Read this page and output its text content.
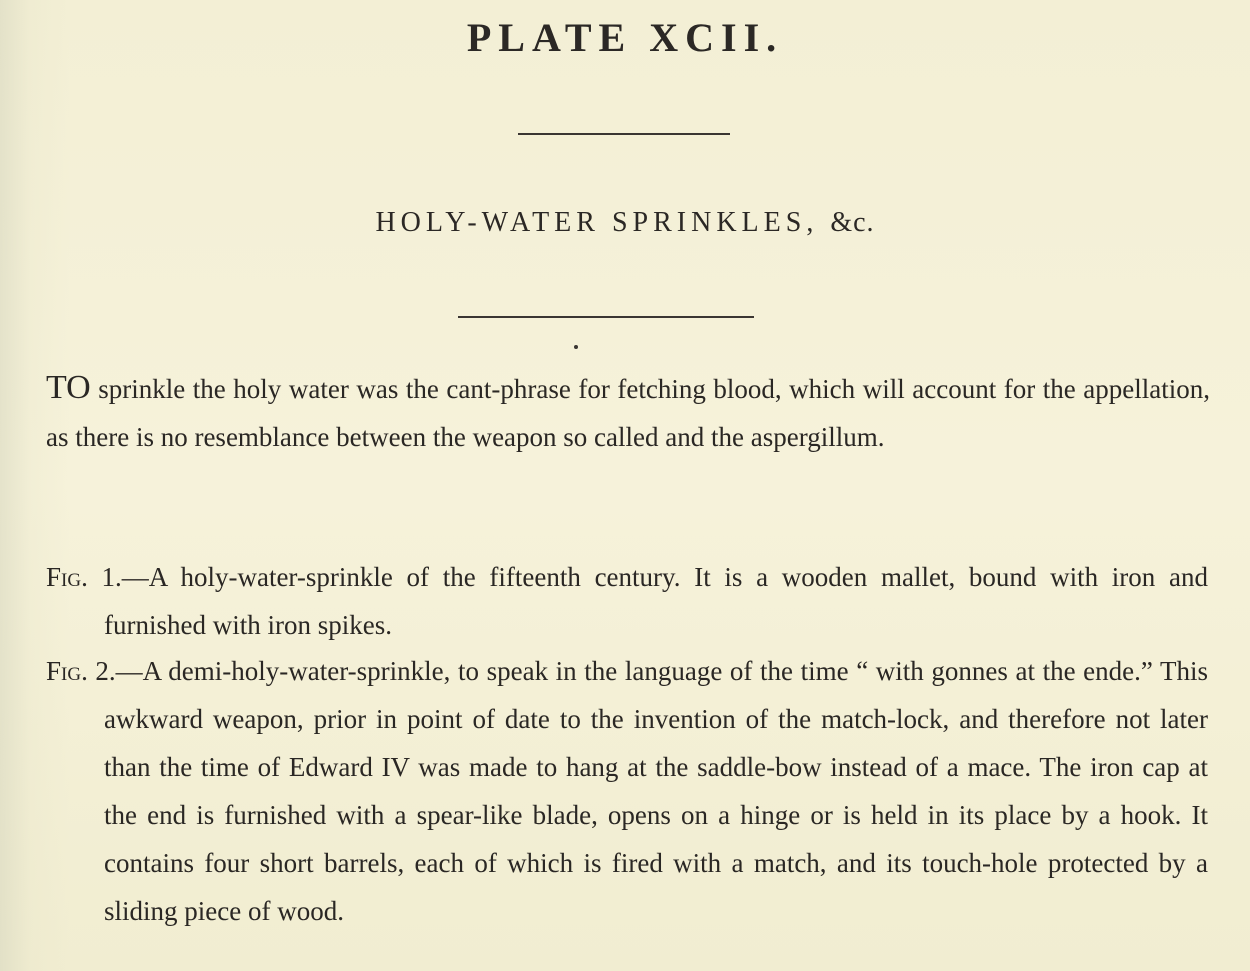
PLATE XCII.
HOLY-WATER SPRINKLES, &c.
TO sprinkle the holy water was the cant-phrase for fetching blood, which will account for the appellation, as there is no resemblance between the weapon so called and the aspergillum.
Fig. 1.—A holy-water-sprinkle of the fifteenth century. It is a wooden mallet, bound with iron and furnished with iron spikes.
Fig. 2.—A demi-holy-water-sprinkle, to speak in the language of the time “ with gonnes at the ende.” This awkward weapon, prior in point of date to the invention of the match-lock, and therefore not later than the time of Edward IV was made to hang at the saddle-bow instead of a mace. The iron cap at the end is furnished with a spear-like blade, opens on a hinge or is held in its place by a hook. It contains four short barrels, each of which is fired with a match, and its touch-hole protected by a sliding piece of wood.
